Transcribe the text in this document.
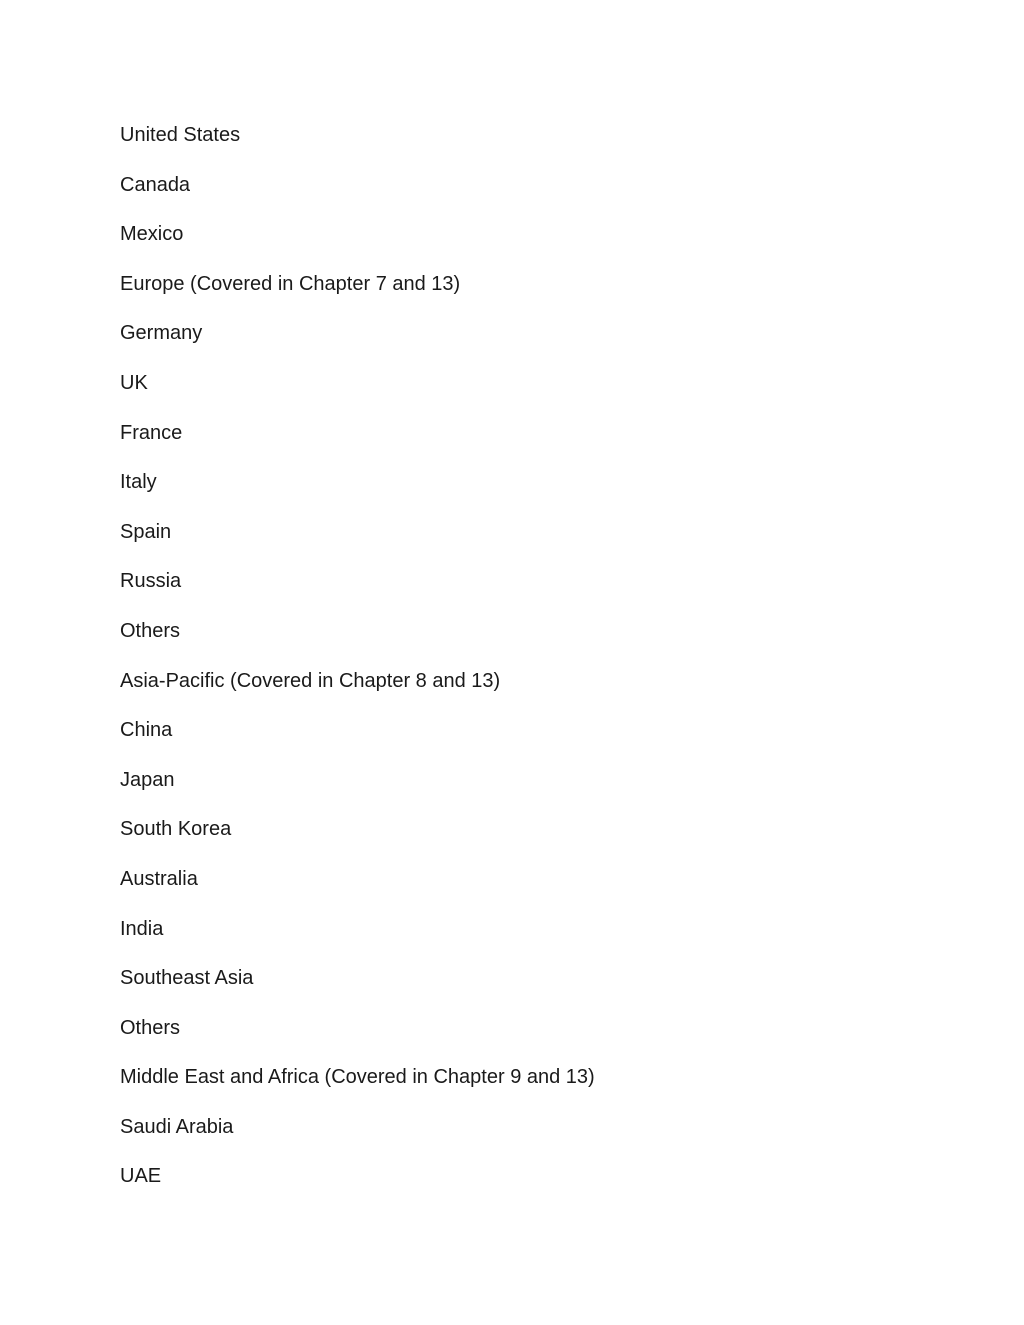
United States
Canada
Mexico
Europe (Covered in Chapter 7 and 13)
Germany
UK
France
Italy
Spain
Russia
Others
Asia-Pacific (Covered in Chapter 8 and 13)
China
Japan
South Korea
Australia
India
Southeast Asia
Others
Middle East and Africa (Covered in Chapter 9 and 13)
Saudi Arabia
UAE
